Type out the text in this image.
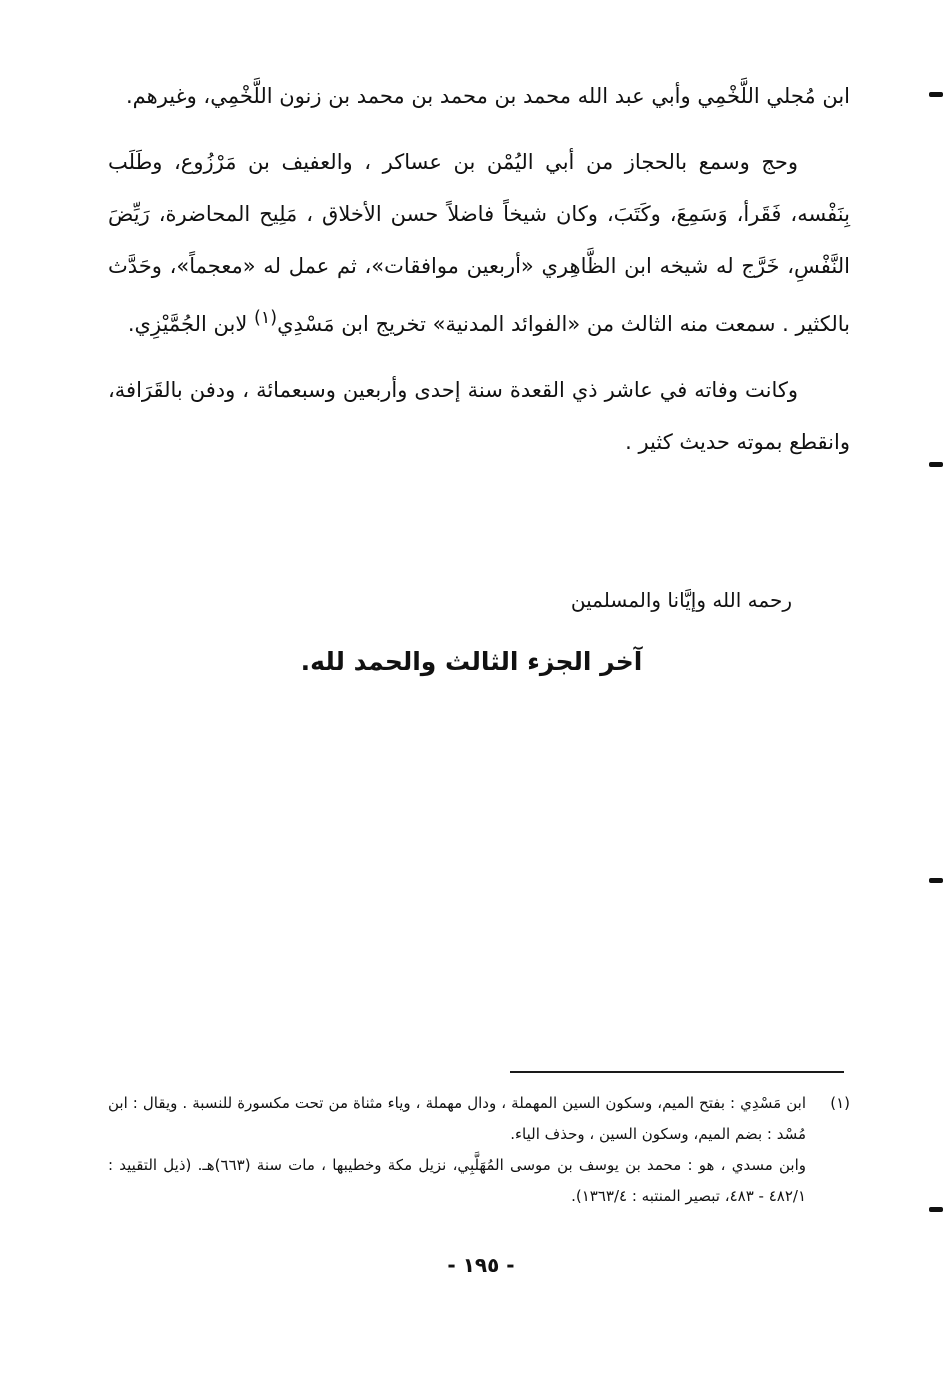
ابن مُجلي اللَّخْمِي وأبي عبد الله محمد بن محمد بن محمد بن زنون اللَّخْمِي، وغيرهم.

وحج وسمع بالحجاز من أبي اليُمْن بن عساكر ، والعفيف بن مَرْزُوع، وطَلَب بِنَفْسه، فَقَرأ، وَسَمِعَ، وكَتَبَ، وكان شيخاً فاضلاً حسن الأخلاق ، مَلِيح المحاضرة، رَيِّضَ النَّفْسِ، خَرَّج له شيخه ابن الظَّاهِري «أربعين موافقات»، ثم عمل له «معجماً»، وحَدَّث بالكثير . سمعت منه الثالث من «الفوائد المدنية» تخريج ابن مَسْدِي$^{(١)}$ لابن الجُمَّيْزِي.

وكانت وفاته في عاشر ذي القعدة سنة إحدى وأربعين وسبعمائة ، ودفن بالقَرَافة، وانقطع بموته حديث كثير .

رحمه الله وإيَّانا والمسلمين
آخر الجزء الثالث والحمد لله.
(١)
ابن مَسْدِي : بفتح الميم، وسكون السين المهملة ، ودال مهملة ، وياء مثناة من تحت مكسورة للنسبة . ويقال : ابن مُسْد : بضم الميم، وسكون السين ، وحذف الياء.
وابن مسدي ، هو : محمد بن يوسف بن موسى المُهَلَّبِي، نزيل مكة وخطيبها ، مات سنة (٦٦٣)هـ. (ذيل التقييد : ٤٨٢/١ - ٤٨٣، تبصير المنتبه : ١٣٦٣/٤).
- ١٩٥ -
